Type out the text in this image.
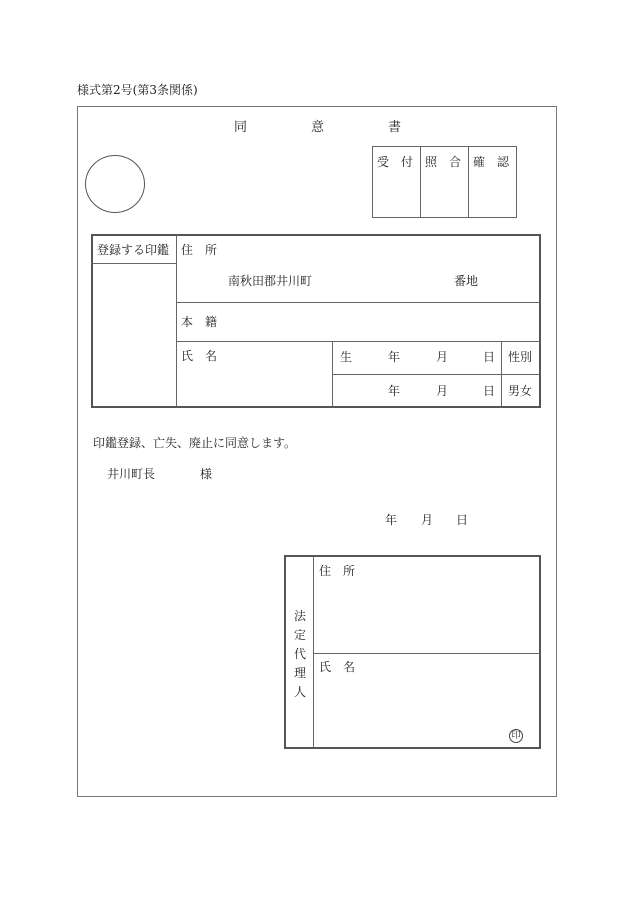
様式第2号(第3条関係)
同	意	書
受　付 照　合 確　認
登録する印鑑 住　所
南秋田郡井川町	番地
本　籍
氏　名	生	年	月	日 性別
年	月	日 男女
印鑑登録、亡失、廃止に同意します。
井川町長	様
年 月 日
法
定
代
理
人
住　所
氏　名
印
